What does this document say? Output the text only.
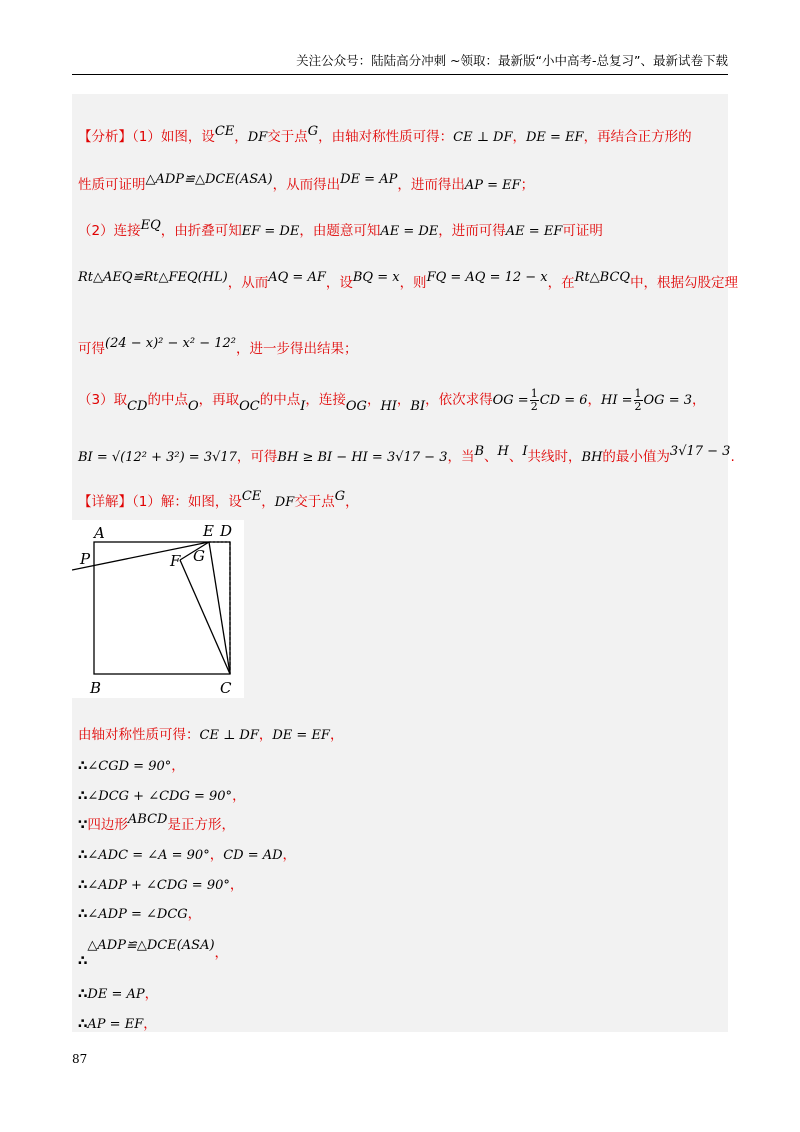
关注公众号：陆陆高分冲刺 ~领取：最新版“小中高考-总复习”、最新试卷下载
【分析】（1）如图，设CE，DF交于点G，由轴对称性质可得：CE ⊥ DF，DE = EF，再结合正方形的
性质可证明△ADP≌△DCE(ASA)，从而得出DE = AP，进而得出AP = EF；
（2）连接EQ，由折叠可知EF = DE，由题意可知AE = DE，进而可得AE = EF可证明
Rt△AEQ≌Rt△FEQ(HL)，从而AQ = AF，设BQ = x，则FQ = AQ = 12 − x，在Rt△BCQ中，根据勾股定理
可得(24 − x)² − x² − 12²，进一步得出结果；
（3）取CD的中点O，再取OC的中点I，连接OG，HI，BI，依次求得OG = $\frac{1}{2}$ CD = 6，HI = $\frac{1}{2}$ OG = 3，
BI = √(12² + 3²) = 3√17，可得BH ≥ BI − HI = 3√17 − 3，当B、H、I共线时，BH的最小值为3√17 − 3.
【详解】（1）解：如图，设CE，DF交于点G，
A	E D
P	F G
B	C
由轴对称性质可得：CE ⊥ DF，DE = EF，
∴∠CGD = 90°，
∴∠DCG + ∠CDG = 90°，
∵四边形ABCD是正方形，
∴∠ADC = ∠A = 90°，CD = AD，
∴∠ADP + ∠CDG = 90°，
∴∠ADP = ∠DCG，
∴△ADP≌△DCE(ASA)，
∴DE = AP，
∴AP = EF，
87
